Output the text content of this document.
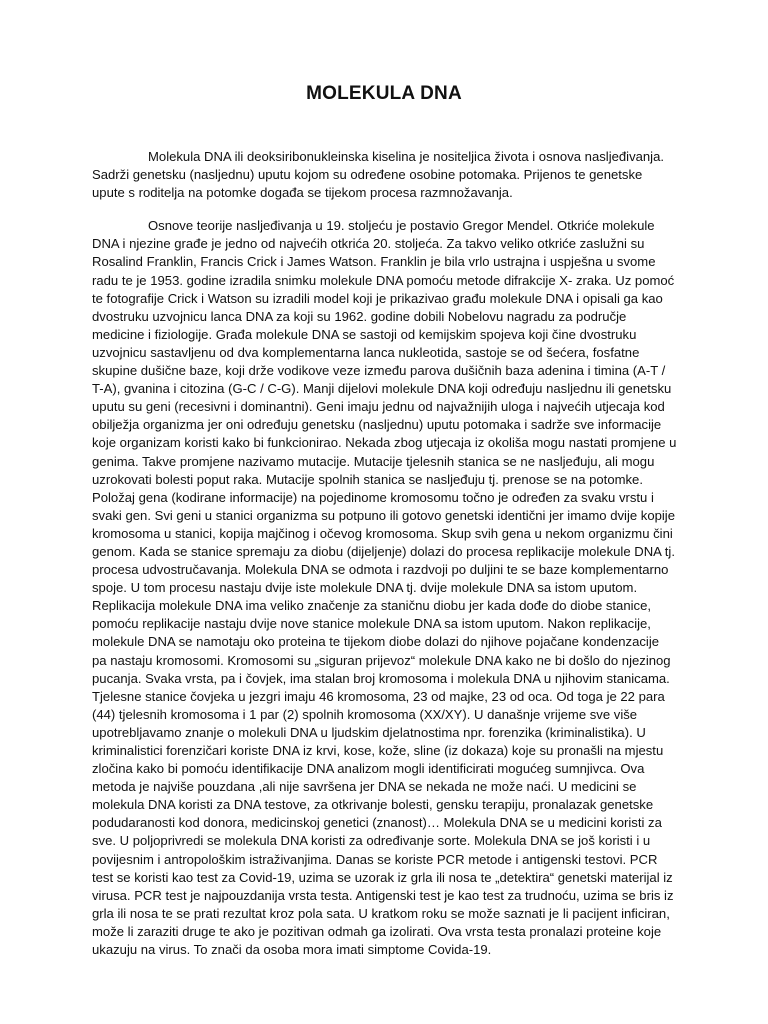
MOLEKULA DNA

Molekula DNA ili deoksiribonukleinska kiselina je nositeljica života i osnova nasljeđivanja. Sadrži genetsku (nasljednu) uputu kojom su određene osobine potomaka. Prijenos te genetske upute s roditelja na potomke događa se tijekom procesa razmnožavanja.

Osnove teorije nasljeđivanja u 19. stoljeću je postavio Gregor Mendel. Otkriće molekule DNA i njezine građe je jedno od najvećih otkrića 20. stoljeća. Za takvo veliko otkriće zaslužni su Rosalind Franklin, Francis Crick i James Watson. Franklin je bila vrlo ustrajna i uspješna u svome radu te je 1953. godine izradila snimku molekule DNA pomoću metode difrakcije X- zraka. Uz pomoć te fotografije Crick i Watson su izradili model koji je prikazivao građu molekule DNA i opisali ga kao dvostruku uzvojnicu lanca DNA za koji su 1962. godine dobili Nobelovu nagradu za područje medicine i fiziologije. Građa molekule DNA se sastoji od kemijskim spojeva koji čine dvostruku uzvojnicu sastavljenu od dva komplementarna lanca nukleotida, sastoje se od šećera, fosfatne skupine dušične baze, koji drže vodikove veze između parova dušičnih baza adenina i timina (A-T / T-A), gvanina i citozina (G-C / C-G). Manji dijelovi molekule DNA koji određuju nasljednu ili genetsku uputu su geni (recesivni i dominantni). Geni imaju jednu od najvažnijih uloga i najvećih utjecaja kod obilježja organizma jer oni određuju genetsku (nasljednu) uputu potomaka i sadrže sve informacije koje organizam koristi kako bi funkcionirao. Nekada zbog utjecaja iz okoliša mogu nastati promjene u genima. Takve promjene nazivamo mutacije. Mutacije tjelesnih stanica se ne nasljeđuju, ali mogu uzrokovati bolesti poput raka. Mutacije spolnih stanica se nasljeđuju tj. prenose se na potomke. Položaj gena (kodirane informacije) na pojedinome kromosomu točno je određen za svaku vrstu i svaki gen. Svi geni u stanici organizma su potpuno ili gotovo genetski identični jer imamo dvije kopije kromosoma u stanici, kopija majčinog i očevog kromosoma. Skup svih gena u nekom organizmu čini genom. Kada se stanice spremaju za diobu (dijeljenje) dolazi do procesa replikacije molekule DNA tj. procesa udvostručavanja. Molekula DNA se odmota i razdvoji po duljini te se baze komplementarno spoje. U tom procesu nastaju dvije iste molekule DNA tj. dvije molekule DNA sa istom uputom. Replikacija molekule DNA ima veliko značenje za staničnu diobu jer kada dođe do diobe stanice, pomoću replikacije nastaju dvije nove stanice molekule DNA sa istom uputom. Nakon replikacije, molekule DNA se namotaju oko proteina te tijekom diobe dolazi do njihove pojačane kondenzacije pa nastaju kromosomi. Kromosomi su „siguran prijevoz“ molekule DNA kako ne bi došlo do njezinog pucanja. Svaka vrsta, pa i čovjek, ima stalan broj kromosoma i molekula DNA u njihovim stanicama. Tjelesne stanice čovjeka u jezgri imaju 46 kromosoma, 23 od majke, 23 od oca. Od toga je 22 para (44) tjelesnih kromosoma i 1 par (2) spolnih kromosoma (XX/XY). U današnje vrijeme sve više upotrebljavamo znanje o molekuli DNA u ljudskim djelatnostima npr. forenzika (kriminalistika). U kriminalistici forenzičari koriste DNA iz krvi, kose, kože, sline (iz dokaza) koje su pronašli na mjestu zločina kako bi pomoću identifikacije DNA analizom mogli identificirati mogućeg sumnjivca. Ova metoda je najviše pouzdana ,ali nije savršena jer DNA se nekada ne može naći. U medicini se molekula DNA koristi za DNA testove, za otkrivanje bolesti, gensku terapiju, pronalazak genetske podudaranosti kod donora, medicinskoj genetici (znanost)… Molekula DNA se u medicini koristi za sve. U poljoprivredi se molekula DNA koristi za određivanje sorte. Molekula DNA se još koristi i u povijesnim i antropološkim istraživanjima. Danas se koriste PCR metode i antigenski testovi. PCR test se koristi kao test za Covid-19, uzima se uzorak iz grla ili nosa te „detektira“ genetski materijal iz virusa. PCR test je najpouzdanija vrsta testa. Antigenski test je kao test za trudnoću, uzima se bris iz grla ili nosa te se prati rezultat kroz pola sata. U kratkom roku se može saznati je li pacijent inficiran, može li zaraziti druge te ako je pozitivan odmah ga izolirati. Ova vrsta testa pronalazi proteine koje ukazuju na virus. To znači da osoba mora imati simptome Covida-19.
